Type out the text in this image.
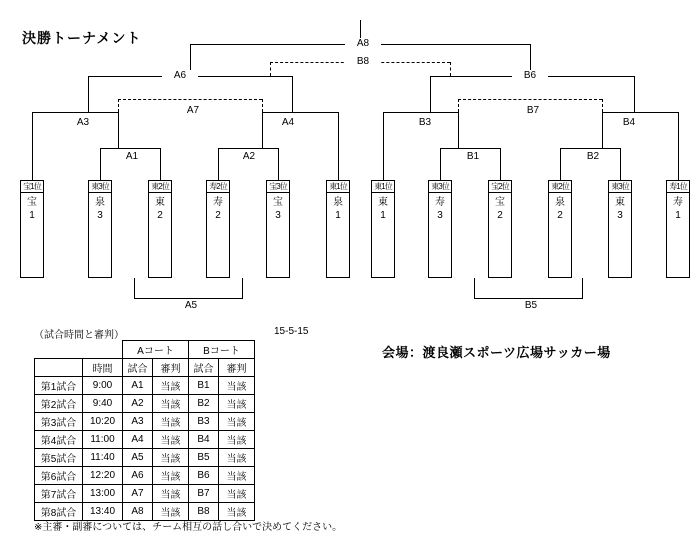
決勝トーナメント	A8
B8
A6	B6
A7	B7
A3	A4	B3	B4
A1	A2	B1	B2
宝1位
宝
1
東3位
泉
3
東2位
東
2
寿2位
寿
2
宝3位
宝
3
東1位
泉
1
東1位
東
1
東3位
寿
3
宝2位
宝
2
東2位
泉
2
東3位
東
3
寿1位
寿
1
A5	B5
（試合時間と審判）	15-5-15
		Aコート		Bコート	
	時間	試合	審判	試合	審判
第1試合	9:00	A1	当該	B1	当該
第2試合	9:40	A2	当該	B2	当該
第3試合	10:20	A3	当該	B3	当該
第4試合	11:00	A4	当該	B4	当該
第5試合	11:40	A5	当該	B5	当該
第6試合	12:20	A6	当該	B6	当該
第7試合	13:00	A7	当該	B7	当該
第8試合	13:40	A8	当該	B8	当該
※主審・副審については、チーム相互の話し合いで決めてください。
会場：渡良瀬スポーツ広場サッカー場
